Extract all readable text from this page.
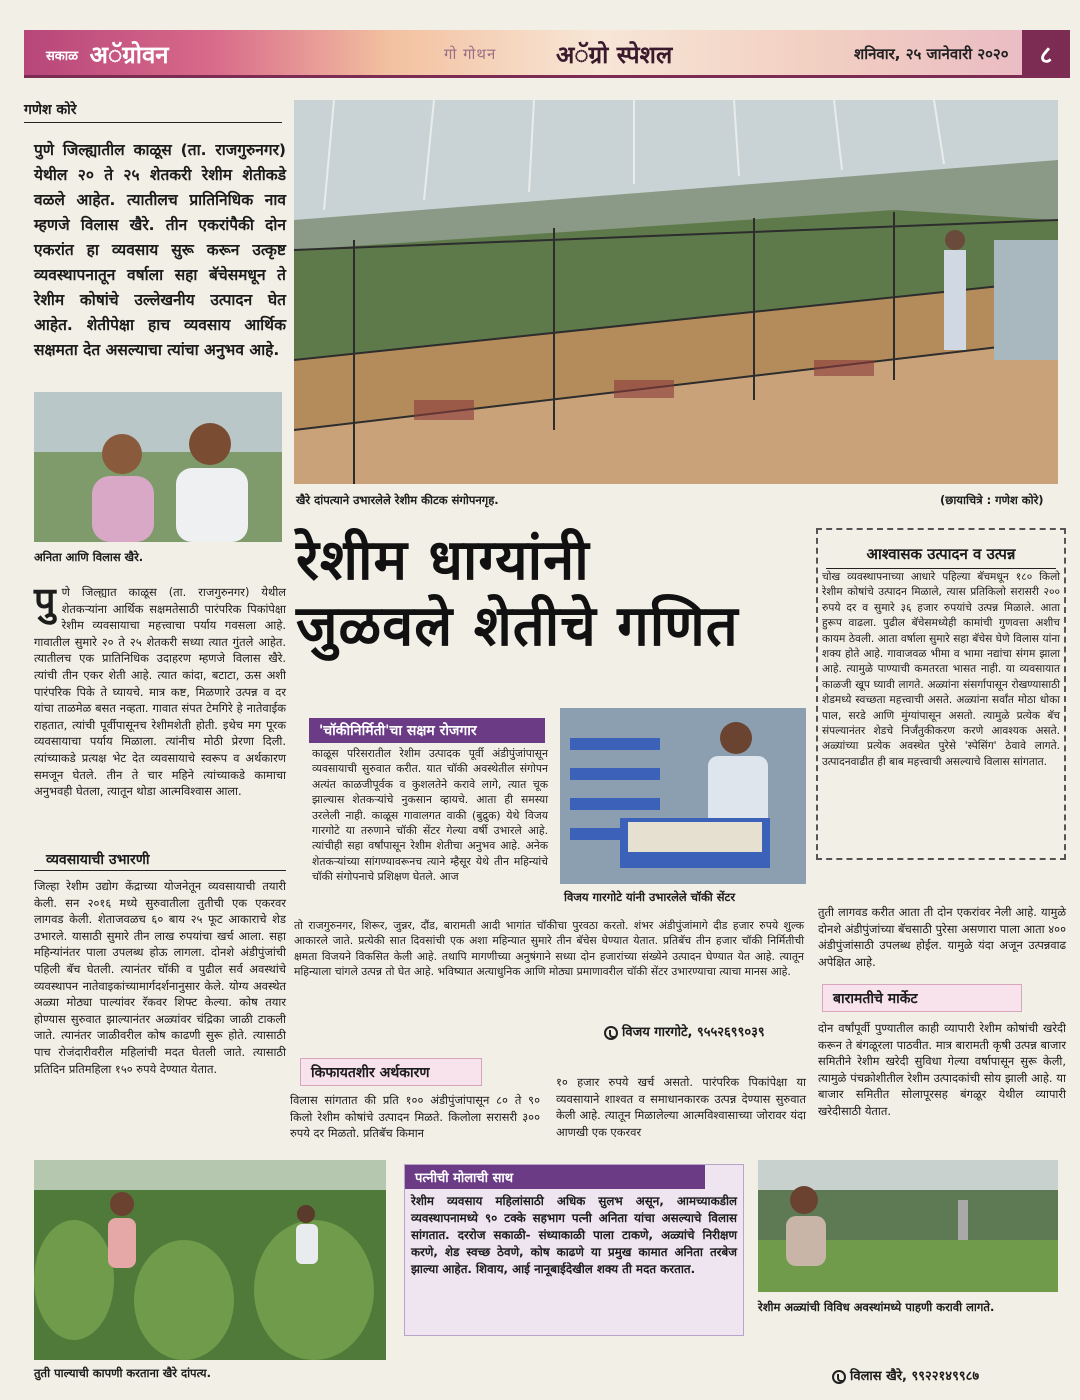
सकाळ अॅग्रोवन	गो गोथन अॅग्रो स्पेशल	शनिवार, २५ जानेवारी २०२०	८
गणेश कोरे
पुणे जिल्ह्यातील काळूस (ता. राजगुरुनगर) येथील २० ते २५ शेतकरी रेशीम शेतीकडे वळले आहेत. त्यातीलच प्रातिनिधिक नाव म्हणजे विलास खैरे. तीन एकरांपैकी दोन एकरांत हा व्यवसाय सुरू करून उत्कृष्ट व्यवस्थापनातून वर्षाला सहा बॅचेसमधून ते रेशीम कोषांचे उल्लेखनीय उत्पादन घेत आहेत. शेतीपेक्षा हाच व्यवसाय आर्थिक सक्षमता देत असल्याचा त्यांचा अनुभव आहे.
खैरे दांपत्याने उभारलेले रेशीम कीटक संगोपनगृह.	(छायाचित्रे : गणेश कोरे)
अनिता आणि विलास खैरे.	रेशीम धाग्यांनी
जुळवले शेतीचे गणित
पुणे जिल्ह्यात काळूस (ता. राजगुरुनगर) येथील शेतकऱ्यांना आर्थिक सक्षमतेसाठी पारंपरिक पिकांपेक्षा रेशीम व्यवसायाचा महत्त्वाचा पर्याय गवसला आहे. गावातील सुमारे २० ते २५ शेतकरी सध्या त्यात गुंतले आहेत. त्यातीलच एक प्रातिनिधिक उदाहरण म्हणजे विलास खैरे. त्यांची तीन एकर शेती आहे. त्यात कांदा, बटाटा, ऊस अशी पारंपरिक पिके ते घ्यायचे. मात्र कष्ट, मिळणारे उत्पन्न व दर यांचा ताळमेळ बसत नव्हता. गावात संपत टेमगिरे हे नातेवाईक राहतात, त्यांची पूर्वीपासूनच रेशीमशेती होती. इथेच मग पूरक व्यवसायाचा पर्याय मिळाला. त्यांनीच मोठी प्रेरणा दिली. त्यांच्याकडे प्रत्यक्ष भेट देत व्यवसायाचे स्वरूप व अर्थकारण समजून घेतले. तीन ते चार महिने त्यांच्याकडे कामाचा अनुभवही घेतला, त्यातून थोडा आत्मविश्वास आला.
व्यवसायाची उभारणी
जिल्हा रेशीम उद्योग केंद्राच्या योजनेतून व्यवसायाची तयारी केली. सन २०१६ मध्ये सुरुवातीला तुतीची एक एकरवर लागवड केली. शेताजवळच ६० बाय २५ फूट आकाराचे शेड उभारले. यासाठी सुमारे तीन लाख रुपयांचा खर्च आला. सहा महिन्यांनंतर पाला उपलब्ध होऊ लागला. दोनशे अंडीपुंजांची पहिली बॅच घेतली. त्यानंतर चॉकी व पुढील सर्व अवस्थांचे व्यवस्थापन नातेवाइकांच्यामार्गदर्शनानुसार केले. योग्य अवस्थेत अळ्या मोठ्या पाल्यांवर रॅकवर शिफ्ट केल्या. कोष तयार होण्यास सुरुवात झाल्यानंतर अळ्यांवर चंद्रिका जाळी टाकली जाते. त्यानंतर जाळीवरील कोष काढणी सुरू होते. त्यासाठी पाच रोजंदारीवरील महिलांची मदत घेतली जाते. त्यासाठी प्रतिदिन प्रतिमहिला १५० रुपये देण्यात येतात.
'चॉकीनिर्मिती'चा सक्षम रोजगार
काळूस परिसरातील रेशीम उत्पादक पूर्वी अंडीपुंजांपासून व्यवसायाची सुरुवात करीत. यात चॉकी अवस्थेतील संगोपन अत्यंत काळजीपूर्वक व कुशलतेने करावे लागे, त्यात चूक झाल्यास शेतकऱ्यांचे नुकसान व्हायचे. आता ही समस्या उरलेली नाही. काळूस गावालगत वाकी (बुद्रुक) येथे विजय गारगोटे या तरुणाने चॉकी सेंटर गेल्या वर्षी उभारले आहे. त्यांचीही सहा वर्षांपासून रेशीम शेतीचा अनुभव आहे. अनेक शेतकऱ्यांच्या सांगण्यावरूनच त्याने म्हैसूर येथे तीन महिन्यांचे चॉकी संगोपनाचे प्रशिक्षण घेतले. आज
विजय गारगोटे यांनी उभारलेले चॉकी सेंटर
तो राजगुरुनगर, शिरूर, जुन्नर, दौंड, बारामती आदी भागांत चॉकीचा पुरवठा करतो. शंभर अंडीपुंजांमागे दीड हजार रुपये शुल्क आकारले जाते. प्रत्येकी सात दिवसांची एक अशा महिन्यात सुमारे तीन बॅचेस घेण्यात येतात. प्रतिबॅच तीन हजार चॉकी निर्मितीची क्षमता विजयने विकसित केली आहे. तथापि मागणीच्या अनुषंगाने सध्या दोन हजारांच्या संख्येने उत्पादन घेण्यात येत आहे. त्यातून महिन्याला चांगले उत्पन्न तो घेत आहे. भविष्यात अत्याधुनिक आणि मोठ्या प्रमाणावरील चॉकी सेंटर उभारण्याचा त्याचा मानस आहे.
विजय गारगोटे, ९५५२६९९०३९
आश्वासक उत्पादन व उत्पन्न
चोख व्यवस्थापनाच्या आधारे पहिल्या बॅचमधून १८० किलो रेशीम कोषांचे उत्पादन मिळाले, त्यास प्रतिकिलो सरासरी २०० रुपये दर व सुमारे ३६ हजार रुपयांचे उत्पन्न मिळाले. आता हुरूप वाढला. पुढील बॅचेसमध्येही कामांची गुणवत्ता अशीच कायम ठेवली. आता वर्षाला सुमारे सहा बॅचेस घेणे विलास यांना शक्य होते आहे. गावाजवळ भीमा व भामा नद्यांचा संगम झाला आहे. त्यामुळे पाण्याची कमतरता भासत नाही. या व्यवसायात काळजी खूप घ्यावी लागते. अळ्यांना संसर्गापासून रोखण्यासाठी शेडमध्ये स्वच्छता महत्त्वाची असते. अळ्यांना सर्वांत मोठा धोका पाल, सरडे आणि मुंग्यांपासून असतो. त्यामुळे प्रत्येक बॅच संपल्यानंतर शेडचे निर्जंतुकीकरण करणे आवश्यक असते. अळ्यांच्या प्रत्येक अवस्थेत पुरेसे 'स्पेसिंग' ठेवावे लागते. उत्पादनवाढीत ही बाब महत्त्वाची असल्याचे विलास सांगतात.
तुती लागवड करीत आता ती दोन एकरांवर नेली आहे. यामुळे दोनशे अंडीपुंजांच्या बॅचसाठी पुरेसा असणारा पाला आता ४०० अंडीपुंजांसाठी उपलब्ध होईल. यामुळे यंदा अजून उत्पन्नवाढ अपेक्षित आहे.
बारामतीचे मार्केट
दोन वर्षांपूर्वी पुण्यातील काही व्यापारी रेशीम कोषांची खरेदी करून ते बंगळूरला पाठवीत. मात्र बारामती कृषी उत्पन्न बाजार समितीने रेशीम खरेदी सुविधा गेल्या वर्षापासून सुरू केली, त्यामुळे पंचक्रोशीतील रेशीम उत्पादकांची सोय झाली आहे. या बाजार समितीत सोलापूरसह बंगळूर येथील व्यापारी खरेदीसाठी येतात.
किफायतशीर अर्थकारण
विलास सांगतात की प्रति १०० अंडीपुंजांपासून ८० ते ९० किलो रेशीम कोषांचे उत्पादन मिळते. किलोला सरासरी ३०० रुपये दर मिळतो. प्रतिबॅच किमान
१० हजार रुपये खर्च असतो. पारंपरिक पिकांपेक्षा या व्यवसायाने शाश्वत व समाधानकारक उत्पन्न देण्यास सुरुवात केली आहे. त्यातून मिळालेल्या आत्मविश्वासाच्या जोरावर यंदा आणखी एक एकरवर
तुती पाल्याची कापणी करताना खैरे दांपत्य.
पत्नीची मोलाची साथ
रेशीम व्यवसाय महिलांसाठी अधिक सुलभ असून, आमच्याकडील व्यवस्थापनामध्ये ९० टक्के सहभाग पत्नी अनिता यांचा असल्याचे विलास सांगतात. दररोज सकाळी- संध्याकाळी पाला टाकणे, अळ्यांचे निरीक्षण करणे, शेड स्वच्छ ठेवणे, कोष काढणे या प्रमुख कामात अनिता तरबेज झाल्या आहेत. शिवाय, आई नानूबाईदेखील शक्य ती मदत करतात.
विलास खैरे, ९९२२१४९९८७
रेशीम अळ्यांची विविध अवस्थांमध्ये पाहणी करावी लागते.
